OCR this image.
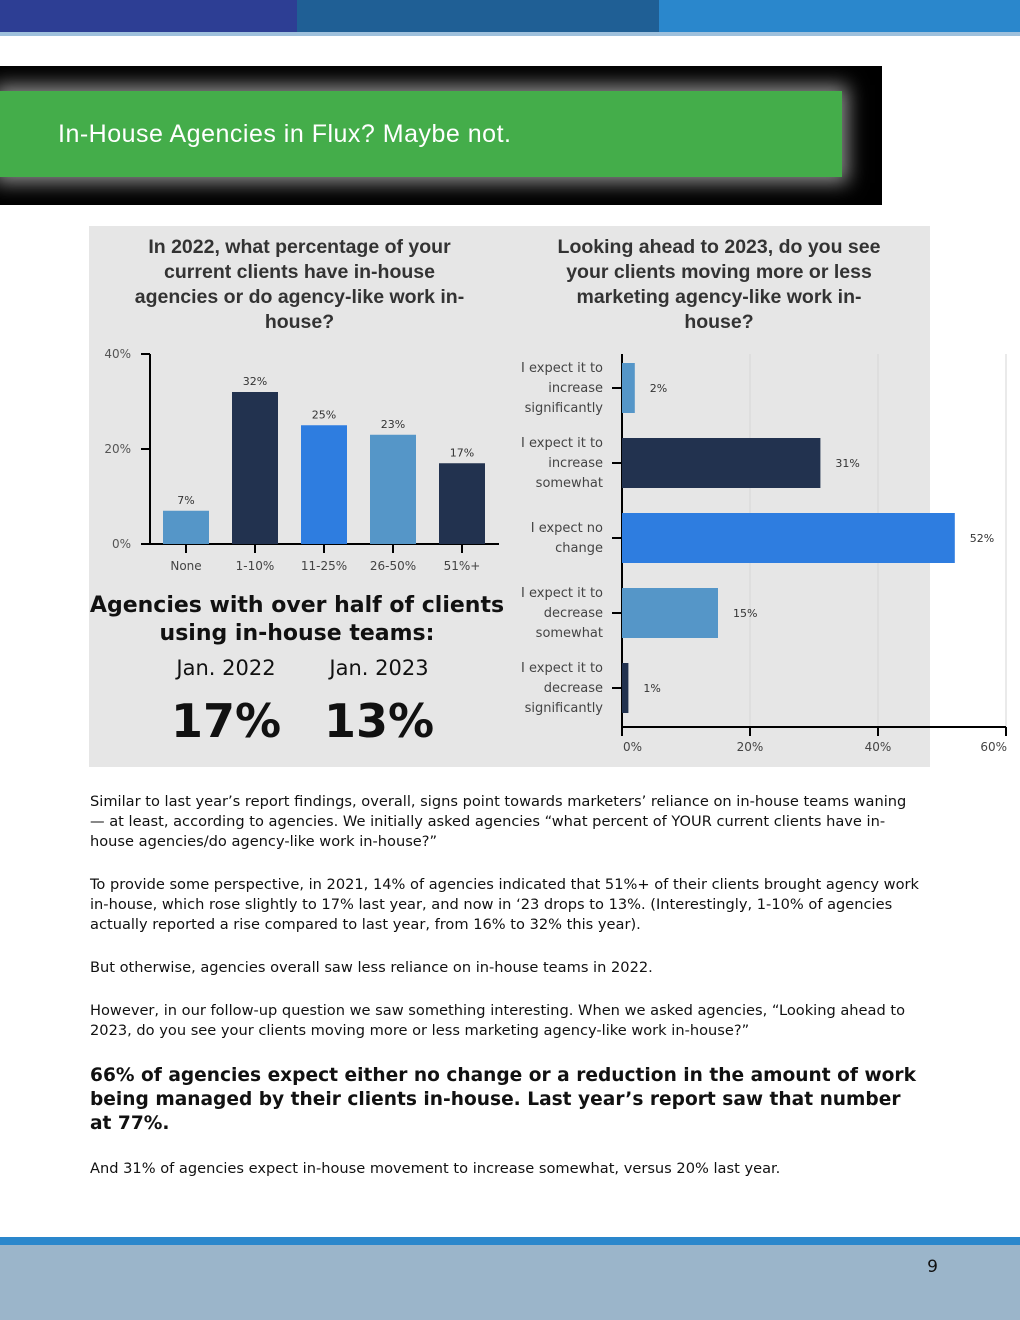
In-House Agencies in Flux? Maybe not.
In 2022, what percentage of your current clients have in-house agencies or do agency-like work in-house?
0%
20%
40%
7%
None
32%
1-10%
25%
11-25%
23%
26-50%
17%
51%+
Agencies with over half of clients using in-house teams:
Jan. 2022
17%
Jan. 2023
13%
Looking ahead to 2023, do you see your clients moving more or less marketing agency-like work in-house?
0%	20%	40%	60%
2%
I expect it to increase significantly
31%
I expect it to increase somewhat
52%
I expect no change
15%
I expect it to decrease somewhat
1%
I expect it to decrease significantly

Similar to last year’s report findings, overall, signs point towards marketers’ reliance on in-house teams waning — at least, according to agencies. We initially asked agencies “what percent of YOUR current clients have in-house agencies/do agency-like work in-house?”

To provide some perspective, in 2021, 14% of agencies indicated that 51%+ of their clients brought agency work in-house, which rose slightly to 17% last year, and now in ‘23 drops to 13%. (Interestingly, 1-10% of agencies actually reported a rise compared to last year, from 16% to 32% this year).

But otherwise, agencies overall saw less reliance on in-house teams in 2022.

However, in our follow-up question we saw something interesting. When we asked agencies, “Looking ahead to 2023, do you see your clients moving more or less marketing agency-like work in-house?”

66% of agencies expect either no change or a reduction in the amount of work being managed by their clients in-house. Last year’s report saw that number at 77%.

And 31% of agencies expect in-house movement to increase somewhat, versus 20% last year.

9
